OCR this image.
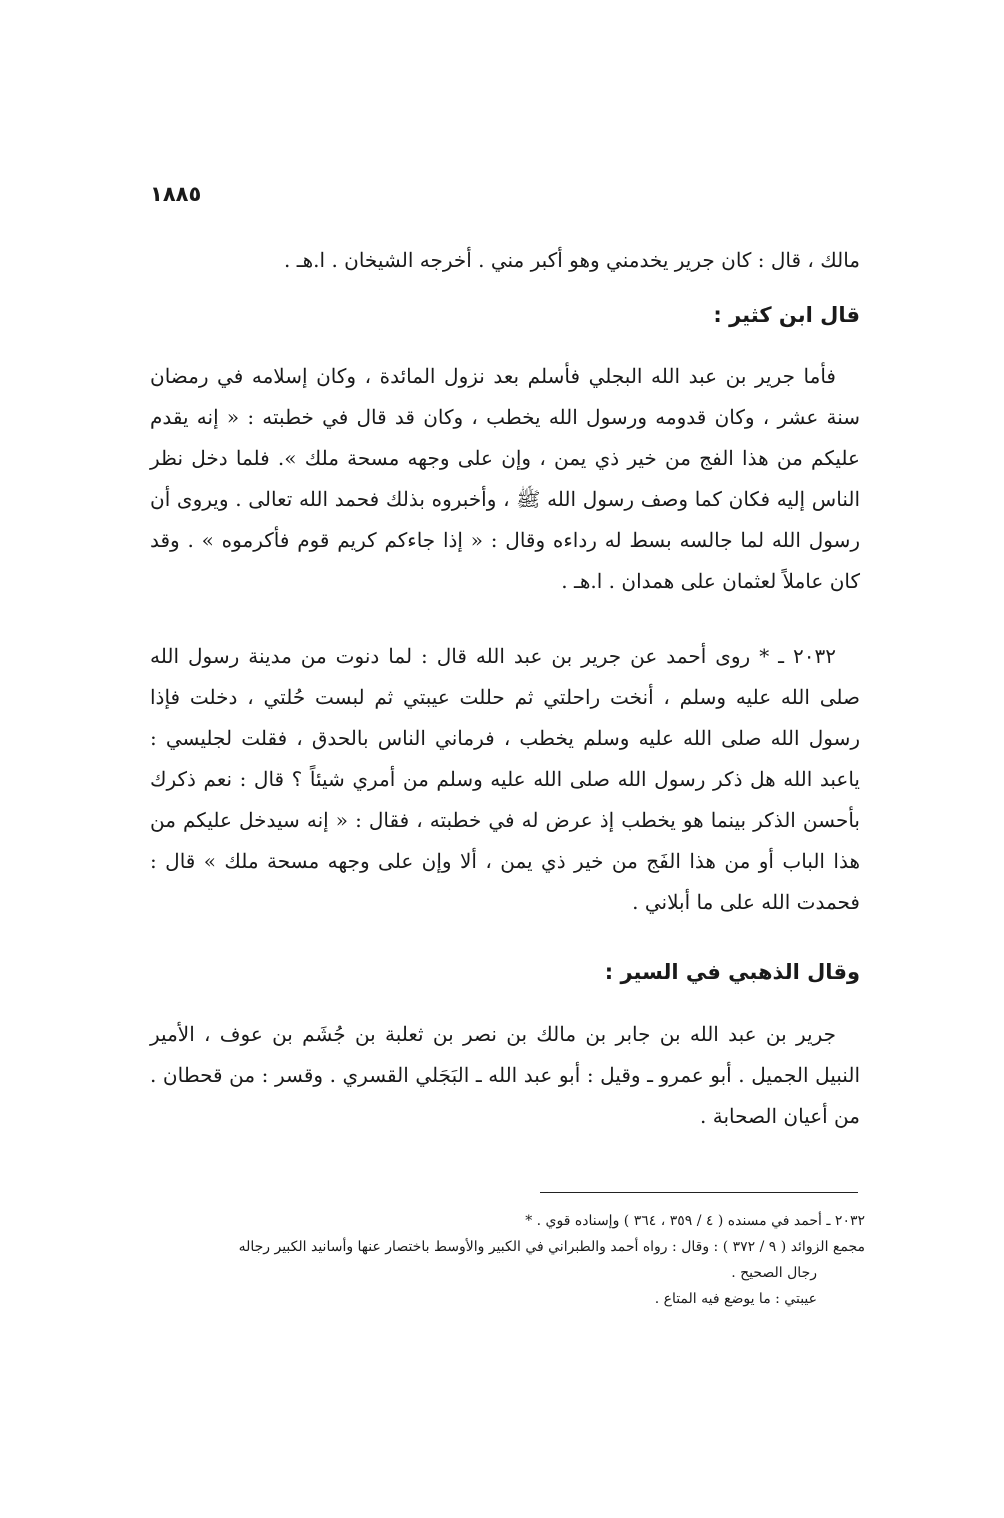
١٨٨٥

مالك ، قال : كان جرير يخدمني وهو أكبر مني . أخرجه الشيخان . ا.هـ .

قال ابن كثير :

فأما جرير بن عبد الله البجلي فأسلم بعد نزول المائدة ، وكان إسلامه في رمضان سنة عشر ، وكان قدومه ورسول الله يخطب ، وكان قد قال في خطبته : « إنه يقدم عليكم من هذا الفج من خير ذي يمن ، وإن على وجهه مسحة ملك ». فلما دخل نظر الناس إليه فكان كما وصف رسول الله ﷺ ، وأخبروه بذلك فحمد الله تعالى . ويروى أن رسول الله لما جالسه بسط له رداءه وقال : « إذا جاءكم كريم قوم فأكرموه » . وقد كان عاملاً لعثمان على همدان . ا.هـ .

٢٠٣٢ ـ * روى أحمد عن جرير بن عبد الله قال : لما دنوت من مدينة رسول الله صلى الله عليه وسلم ، أنخت راحلتي ثم حللت عيبتي ثم لبست حُلتي ، دخلت فإذا رسول الله صلى الله عليه وسلم يخطب ، فرماني الناس بالحدق ، فقلت لجليسي : ياعبد الله هل ذكر رسول الله صلى الله عليه وسلم من أمري شيئاً ؟ قال : نعم ذكرك بأحسن الذكر بينما هو يخطب إذ عرض له في خطبته ، فقال : « إنه سيدخل عليكم من هذا الباب أو من هذا الفَج من خير ذي يمن ، ألا وإن على وجهه مسحة ملك » قال : فحمدت الله على ما أبلاني .

وقال الذهبي في السير :

جرير بن عبد الله بن جابر بن مالك بن نصر بن ثعلبة بن جُشَم بن عوف ، الأمير النبيل الجميل . أبو عمرو ـ وقيل : أبو عبد الله ـ البَجَلي القسري . وقسر : من قحطان . من أعيان الصحابة .

٢٠٣٢ ـ أحمد في مسنده ( ٤ / ٣٥٩ ، ٣٦٤ ) وإسناده قوي . *

مجمع الزوائد ( ٩ / ٣٧٢ ) : وقال : رواه أحمد والطبراني في الكبير والأوسط باختصار عنها وأسانيد الكبير رجاله

رجال الصحيح .

عيبتي : ما يوضع فيه المتاع .
